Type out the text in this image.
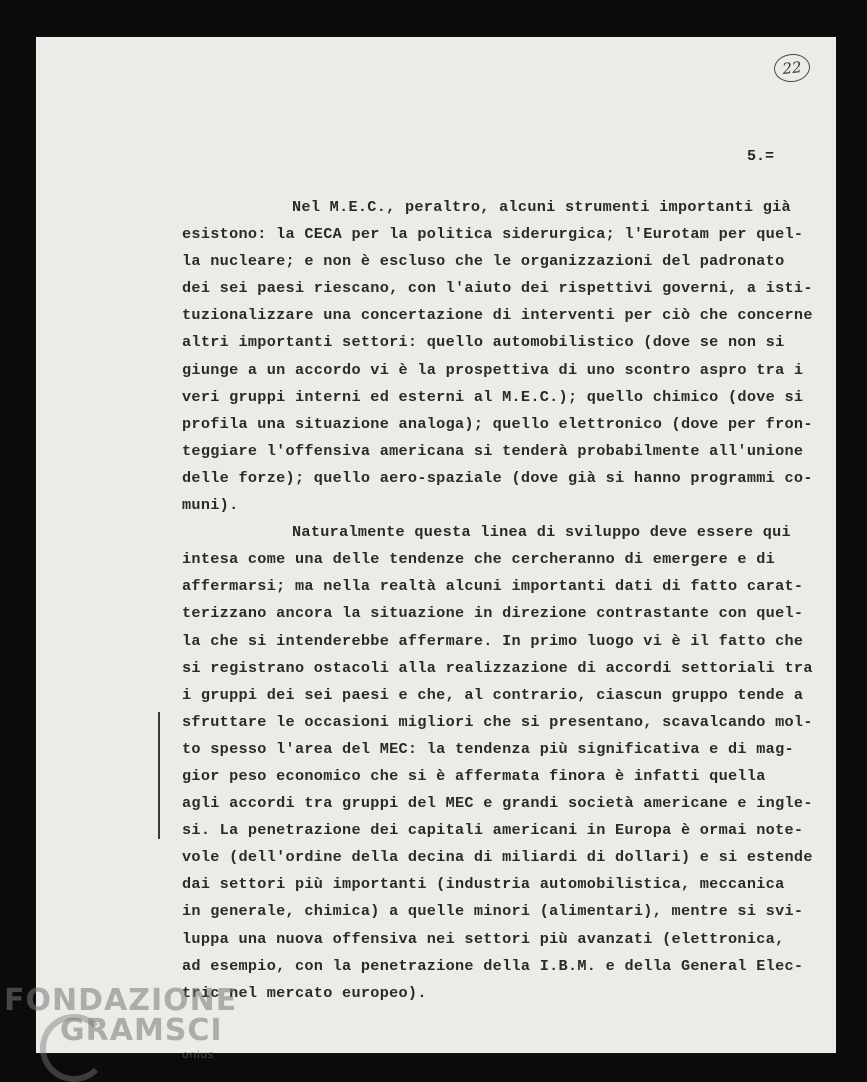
22
5.=
Nel M.E.C., peraltro, alcuni strumenti importanti già
esistono: la CECA per la politica siderurgica; l'Eurotam per quel-
la nucleare; e non è escluso che le organizzazioni del padronato
dei sei paesi riescano, con l'aiuto dei rispettivi governi, a isti-
tuzionalizzare una concertazione di interventi per ciò che concerne
altri importanti settori: quello automobilistico (dove se non si
giunge a un accordo vi è la prospettiva di uno scontro aspro tra i
veri gruppi interni ed esterni al M.E.C.); quello chimico (dove si
profila una situazione analoga); quello elettronico (dove per fron-
teggiare l'offensiva americana si tenderà probabilmente all'unione
delle forze); quello aero-spaziale (dove già si hanno programmi co-
muni).
Naturalmente questa linea di sviluppo deve essere qui
intesa come una delle tendenze che cercheranno di emergere e di
affermarsi; ma nella realtà alcuni importanti dati di fatto carat-
terizzano ancora la situazione in direzione contrastante con quel-
la che si intenderebbe affermare. In primo luogo vi è il fatto che
si registrano ostacoli alla realizzazione di accordi settoriali tra
i gruppi dei sei paesi e che, al contrario, ciascun gruppo tende a
sfruttare le occasioni migliori che si presentano, scavalcando mol-
to spesso l'area del MEC: la tendenza più significativa e di mag-
gior peso economico che si è affermata finora è infatti quella
agli accordi tra gruppi del MEC e grandi società americane e ingle-
si. La penetrazione dei capitali americani in Europa è ormai note-
vole (dell'ordine della decina di miliardi di dollari) e si estende
dai settori più importanti (industria automobilistica, meccanica
in generale, chimica) a quelle minori (alimentari), mentre si svi-
luppa una nuova offensiva nei settori più avanzati (elettronica,
ad esempio, con la penetrazione della I.B.M. e della General Elec-
tric nel mercato europeo).
FONDAZIONE
GRAMSCI
onlus
